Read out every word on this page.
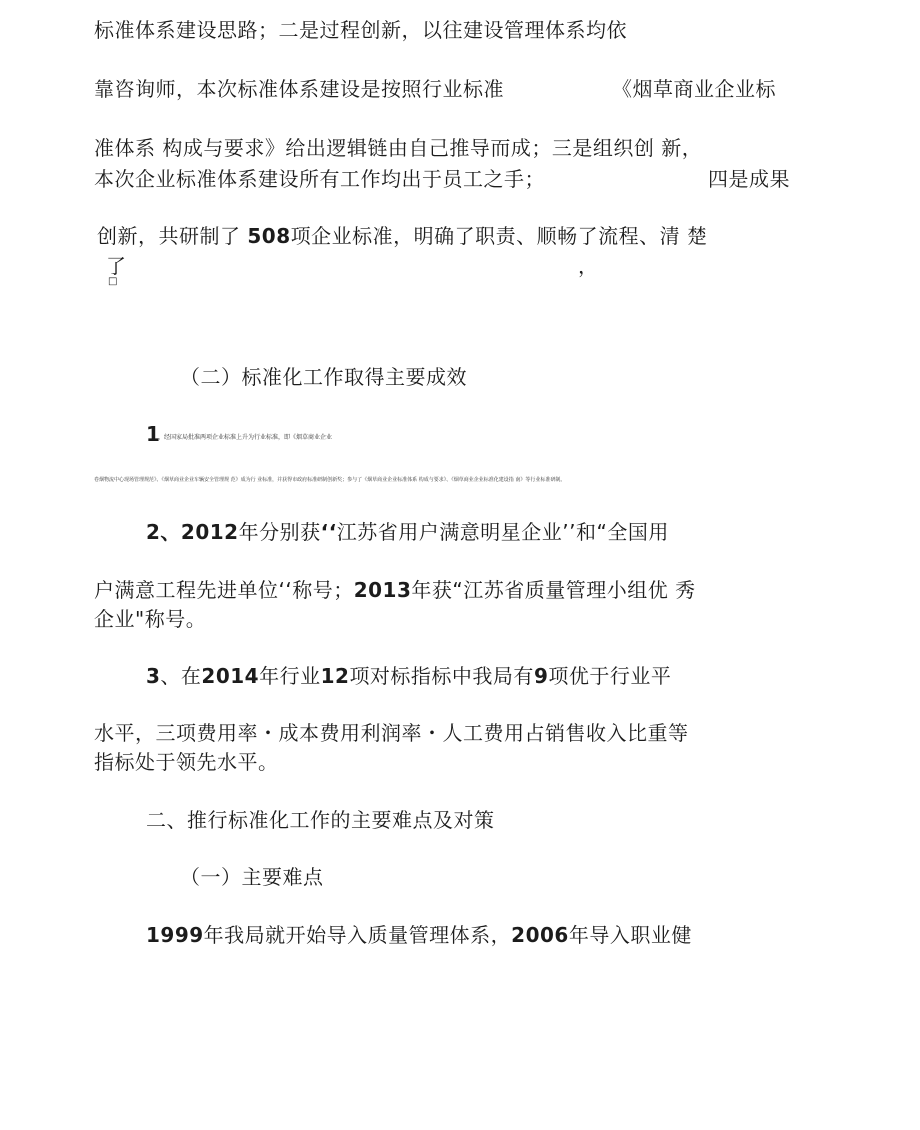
标准体系建设思路；二是过程创新，以往建设管理体系均依
靠咨询师，本次标准体系建设是按照行业标准	《烟草商业企业标
准体系 构成与要求》给出逻辑链由自己推导而成；三是组织创 新，
本次企业标准体系建设所有工作均出于员工之手；	四是成果
创新，共研制了 508项企业标准，明确了职责、顺畅了流程、清 楚
了	，
□
（二）标准化工作取得主要成效
1
、经国家局批准两项企业标准上升为行业标准，即《烟草商业企业
卷烟物流中心现场管理规范》、《烟草商业企业车辆安全管理规 范》成为行 业标准，并获得市政府标准研制创新奖；参与了《烟草商业企业标准体系 构成与要求》、《烟草商业企业标准化建设指 南》等行业标准研制。
2、2012年分别获‘‘江苏省用户满意明星企业’’和“全国用
户满意工程先进单位‘‘称号；2013年获“江苏省质量管理小组优 秀
企业"称号。
3、在2014年行业12项对标指标中我局有9项优于行业平
水平，三项费用率・成本费用利润率・人工费用占销售收入比重等
指标处于领先水平。
二、推行标准化工作的主要难点及对策
（一）主要难点
1999年我局就开始导入质量管理体系，2006年导入职业健
